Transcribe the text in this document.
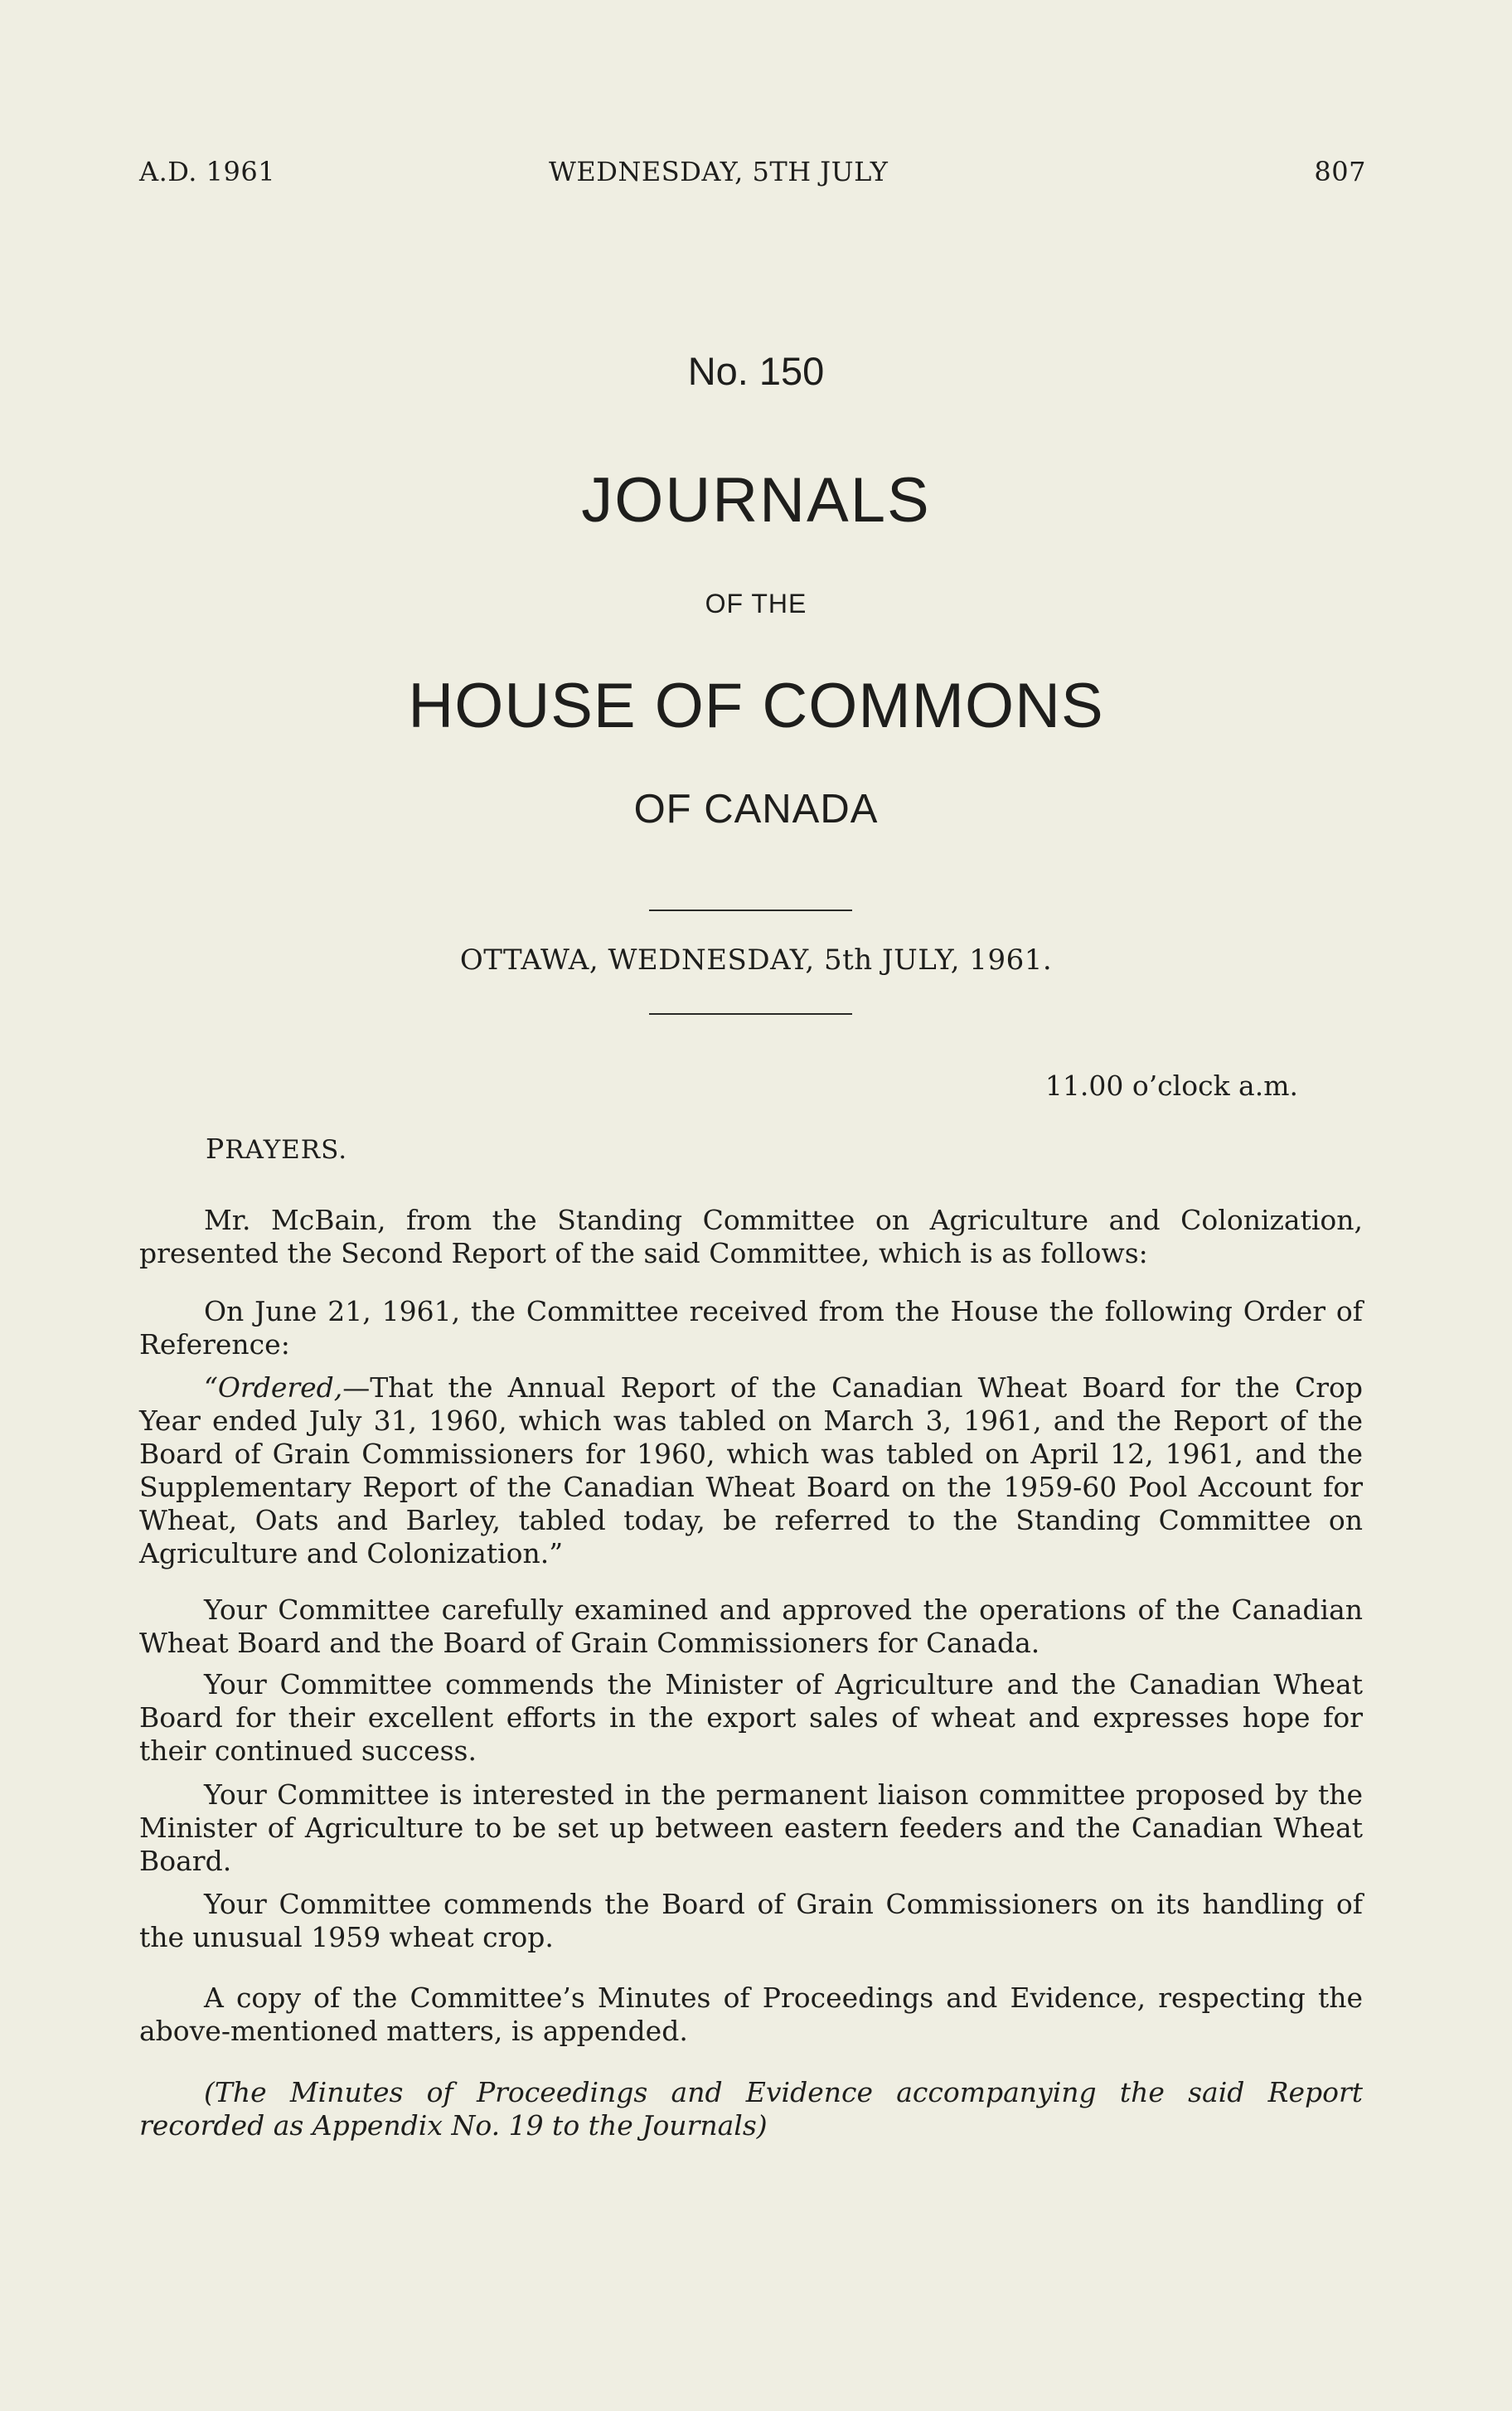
A.D. 1961	WEDNESDAY, 5TH JULY	807
No. 150
JOURNALS
OF THE
HOUSE OF COMMONS
OF CANADA
OTTAWA, WEDNESDAY, 5th JULY, 1961.
11.00 o’clock a.m.
PRAYERS.

Mr. McBain, from the Standing Committee on Agriculture and Colonization, presented the Second Report of the said Committee, which is as follows:

On June 21, 1961, the Committee received from the House the following Order of Reference:

“Ordered,—That the Annual Report of the Canadian Wheat Board for the Crop Year ended July 31, 1960, which was tabled on March 3, 1961, and the Report of the Board of Grain Commissioners for 1960, which was tabled on April 12, 1961, and the Supplementary Report of the Canadian Wheat Board on the 1959-60 Pool Account for Wheat, Oats and Barley, tabled today, be referred to the Standing Committee on Agriculture and Colonization.”

Your Committee carefully examined and approved the operations of the Canadian Wheat Board and the Board of Grain Commissioners for Canada.

Your Committee commends the Minister of Agriculture and the Canadian Wheat Board for their excellent efforts in the export sales of wheat and expresses hope for their continued success.

Your Committee is interested in the permanent liaison committee proposed by the Minister of Agriculture to be set up between eastern feeders and the Canadian Wheat Board.

Your Committee commends the Board of Grain Commissioners on its handling of the unusual 1959 wheat crop.

A copy of the Committee’s Minutes of Proceedings and Evidence, respecting the above-mentioned matters, is appended.

(The Minutes of Proceedings and Evidence accompanying the said Report recorded as Appendix No. 19 to the Journals)
